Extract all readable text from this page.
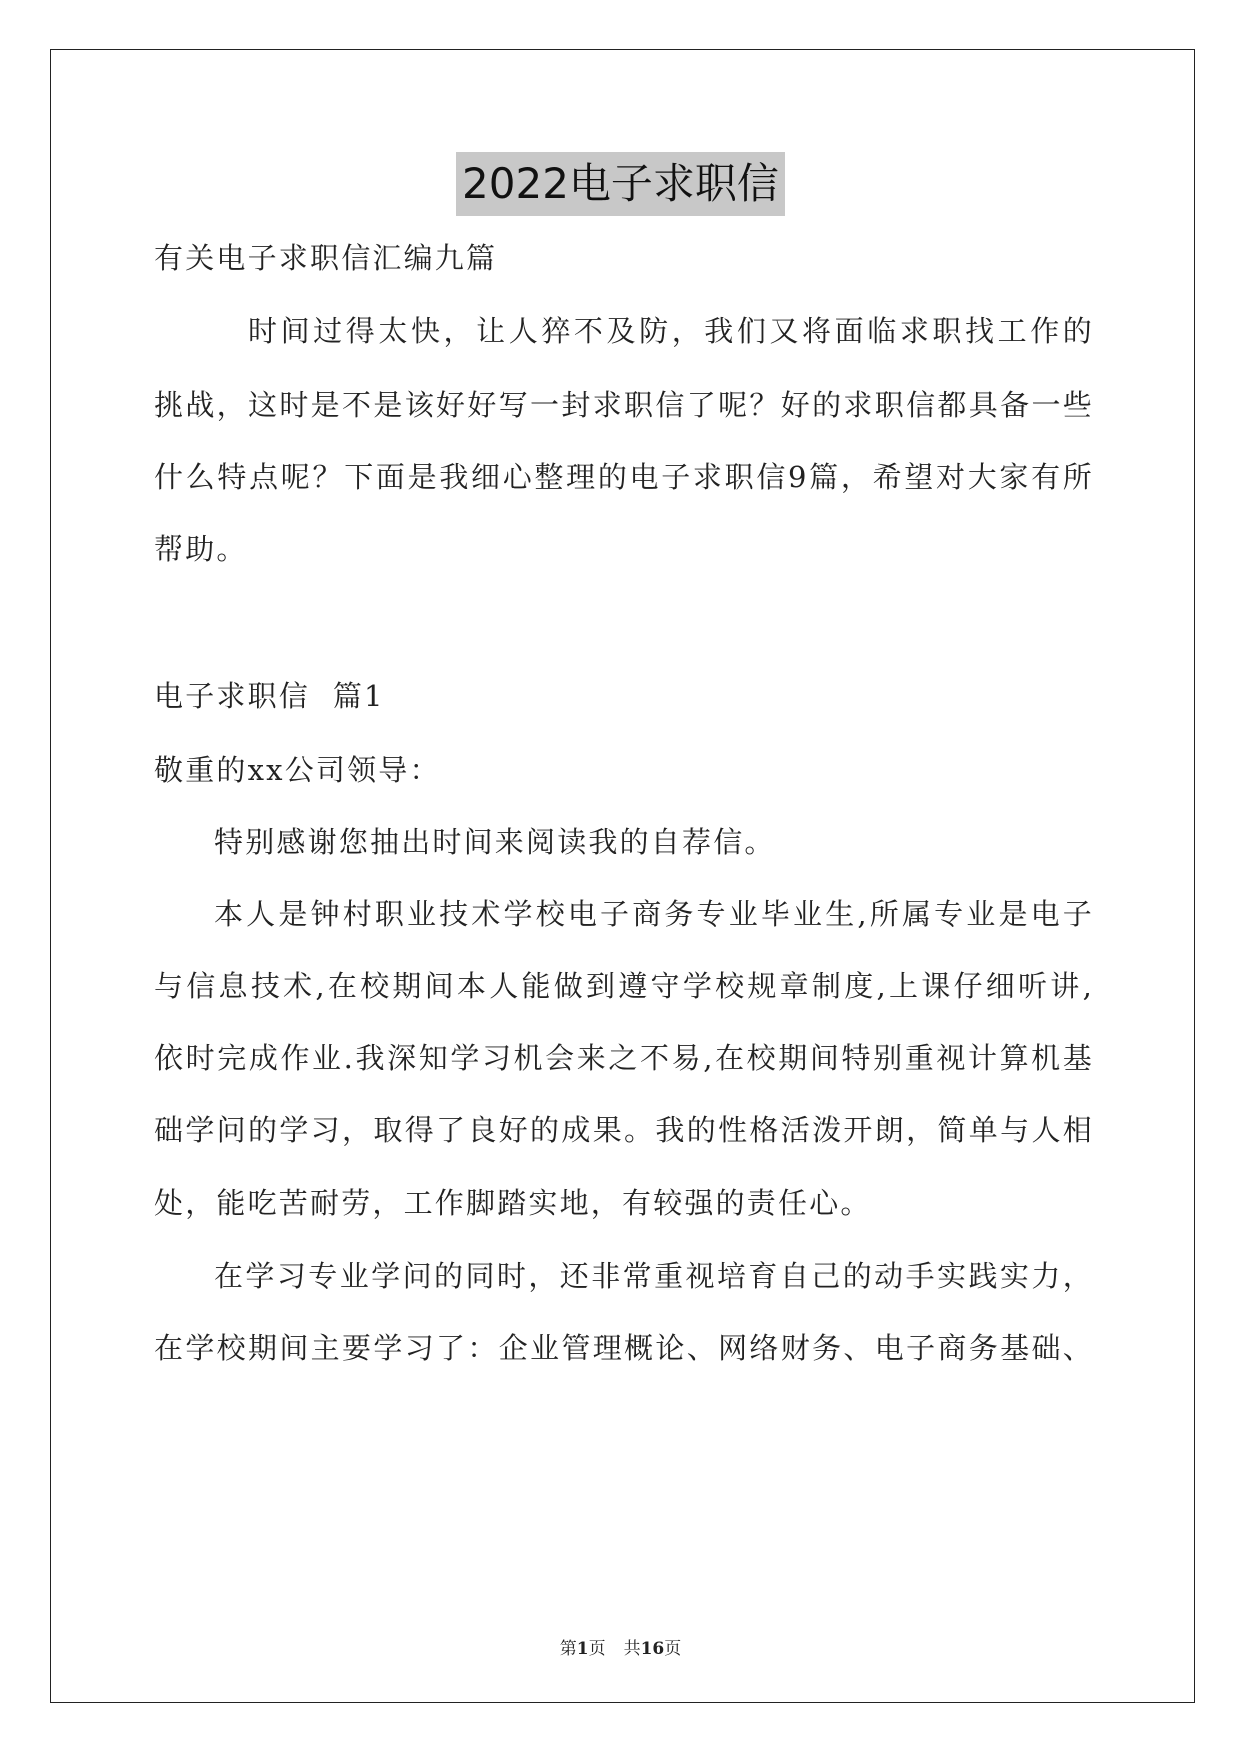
2022电子求职信
有关电子求职信汇编九篇
时间过得太快，让人猝不及防，我们又将面临求职找工作的
挑战，这时是不是该好好写一封求职信了呢？好的求职信都具备一些
什么特点呢？下面是我细心整理的电子求职信9篇，希望对大家有所
帮助。
电子求职信  篇1
敬重的xx公司领导：
特别感谢您抽出时间来阅读我的自荐信。
本人是钟村职业技术学校电子商务专业毕业生,所属专业是电子
与信息技术,在校期间本人能做到遵守学校规章制度,上课仔细听讲,
依时完成作业.我深知学习机会来之不易,在校期间特别重视计算机基
础学问的学习，取得了良好的成果。我的性格活泼开朗，简单与人相
处，能吃苦耐劳，工作脚踏实地，有较强的责任心。
在学习专业学问的同时，还非常重视培育自己的动手实践实力，
在学校期间主要学习了：企业管理概论、网络财务、电子商务基础、
第1页 共16页
